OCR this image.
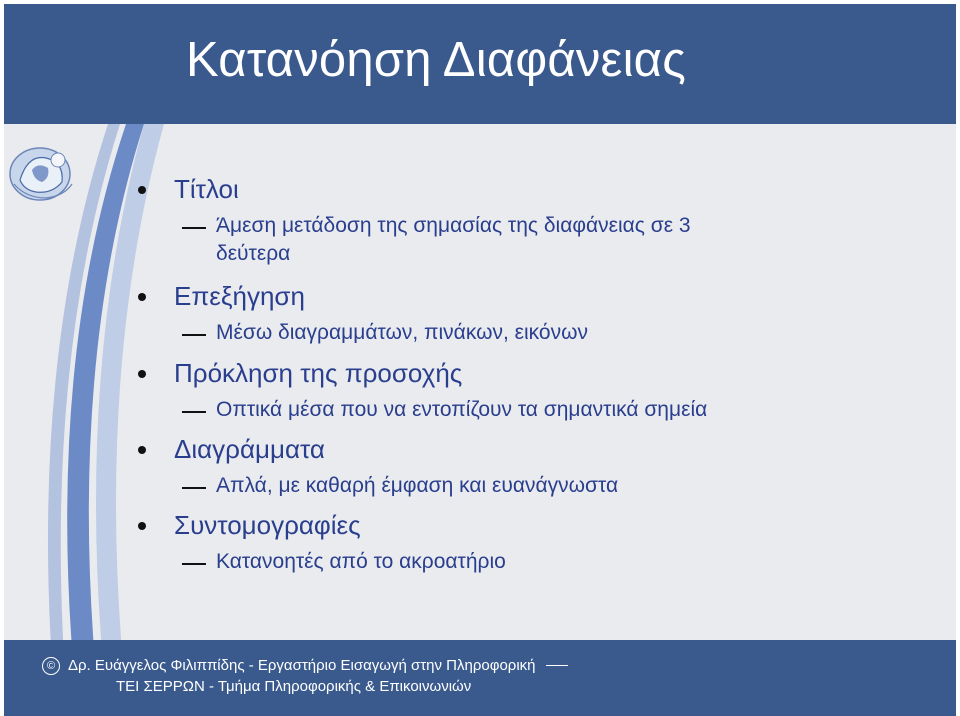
Κατανόηση Διαφάνειας
Τίτλοι
Άμεση μετάδοση της σημασίας της διαφάνειας σε 3
δεύτερα
Επεξήγηση
Μέσω διαγραμμάτων, πινάκων, εικόνων
Πρόκληση της προσοχής
Οπτικά μέσα που να εντοπίζουν τα σημαντικά σημεία
Διαγράμματα
Απλά, με καθαρή έμφαση και ευανάγνωστα
Συντομογραφίες
Κατανοητές από το ακροατήριο
© Δρ. Ευάγγελος Φιλιππίδης - Εργαστήριο Εισαγωγή στην Πληροφορική
ΤΕΙ ΣΕΡΡΩΝ - Τμήμα Πληροφορικής & Επικοινωνιών
